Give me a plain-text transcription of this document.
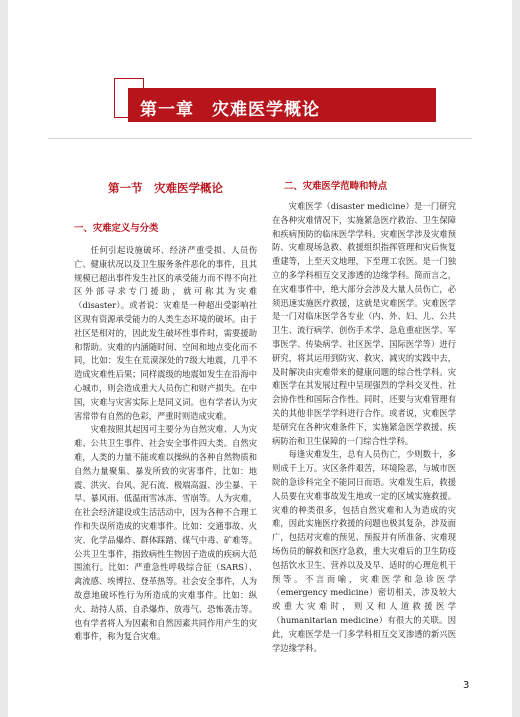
第一章　灾难医学概论
第一节　灾难医学概论
一、灾难定义与分类

任何引起设施破坏、经济严重受损、人员伤亡、健康状况以及卫生服务条件恶化的事件，且其规模已超出事件发生社区的承受能力而不得不向社区外部寻求专门援助，就可称其为灾难（disaster）。或者说：灾难是一种超出受影响社区现有资源承受能力的人类生态环境的破坏。由于社区是相对的，因此发生破坏性事件时，需要援助和帮助。灾难的内涵随时间、空间和地点变化而不同，比如：发生在荒漠深处的7级大地震，几乎不造成灾难性后果；同样震级的地震如发生在沿海中心城市，则会造成重大人员伤亡和财产损失。在中国，灾难与灾害实际上是同义词。也有学者认为灾害常带有自然的色彩，严重时则造成灾难。

灾难按照其起因可主要分为自然灾难、人为灾难、公共卫生事件、社会安全事件四大类。自然灾难，人类的力量不能或难以操纵的各种自然物质和自然力量聚集、暴发所致的灾害事件，比如：地震、洪灾、台风、泥石流、极端高温、沙尘暴、干旱、暴风雨、低温雨雪冰冻、雪崩等。人为灾难，在社会经济建设或生活活动中，因为各种不合理工作和失误所造成的灾难事件。比如：交通事故、火灾、化学品爆炸、群体踩踏、煤气中毒、矿难等。公共卫生事件，指致病性生物因子造成的疾病大范围流行。比如：严重急性呼吸综合征（SARS）、禽流感、埃博拉、登革热等。社会安全事件，人为故意地破坏性行为所造成的灾难事件。比如：纵火、劫持人质、自杀爆炸、放毒气、恐怖袭击等。也有学者将人为因素和自然因素共同作用产生的灾难事件，称为复合灾难。

二、灾难医学范畴和特点

灾难医学（disaster medicine）是一门研究在各种灾难情况下，实施紧急医疗救治、卫生保障和疾病预防的临床医学学科。灾难医学涉及灾难预防、灾难现场急救、救援组织指挥管理和灾后恢复重建等，上至天文地理，下至理工农医。是一门独立的多学科相互交叉渗透的边缘学科。简而言之，在灾难事件中，绝大部分会涉及大量人员伤亡，必须迅速实施医疗救援，这就是灾难医学。灾难医学是一门对临床医学各专业（内、外、妇、儿、公共卫生、流行病学、创伤手术学、急危重症医学、军事医学、传染病学、社区医学、国际医学等）进行研究，将其运用到防灾、救灾、减灾的实践中去，及时解决由灾难带来的健康问题的综合性学科。灾难医学在其发展过程中呈现强烈的学科交叉性、社会协作性和国际合作性。同时，还要与灾难管理有关的其他非医学学科进行合作。或者说，灾难医学是研究在各种灾难条件下，实施紧急医学救援、疾病防治和卫生保障的一门综合性学科。

每逢灾难发生，总有人员伤亡，少则数十，多则成千上万。灾区条件艰苦，环境险恶，与城市医院的急诊科完全不能同日而语。灾难发生后，救援人员要在灾难事故发生地或一定的区域实施救援。灾难的种类很多，包括自然灾难和人为造成的灾难，因此实施医疗救援的问题也极其复杂，涉及面广，包括对灾难的预见、预报并有所准备、灾难现场伤员的解救和医疗急救，重大灾难后的卫生防疫包括饮水卫生、营养以及及早、适时的心理危机干预等。不言而喻，灾难医学和急诊医学（emergency medicine）密切相关，涉及较大或重大灾难时，则又和人道救援医学（humanitarian medicine）有很大的关联。因此，灾难医学是一门多学科相互交叉渗透的新兴医学边缘学科。

3
